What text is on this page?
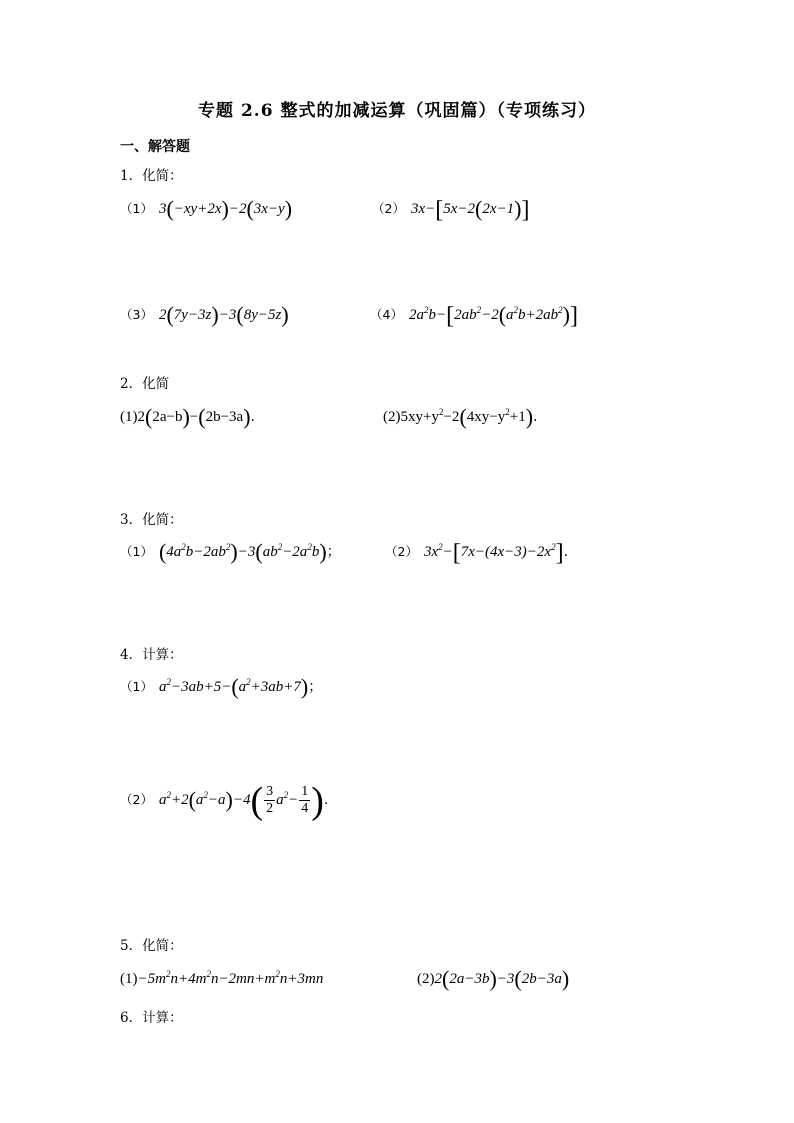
专题 2.6 整式的加减运算（巩固篇）（专项练习）
一、解答题
1．化简：
（1） 3(−xy+2x)−2(3x−y)	（2） 3x−[5x−2(2x−1)]
（3） 2(7y−3z)−3(8y−5z)	（4） $2a^2b-[2ab^2-2(a^2b+2ab^2)]$
2．化简
(1)2(2a−b)−(2b−3a).	$(2)5xy+y^2-2(4xy-y^2+1)$.
3．化简：
（1） $(4a^2b-2ab^2)-3(ab^2-2a^2b)$；	（2） $3x^2-[7x-(4x-3)-2x^2]$.
4．计算：
（1） $a^2-3ab+5-(a^2+3ab+7)$；
（2） $a^2+2(a^2-a)-4( \frac{3}{2} a^2- \frac{1}{4}$ ).
5．化简：
$(1)-5m^2n+4m^2n-2mn+m^2n+3mn$	(2)2(2a−3b)−3(2b−3a)
6．计算：
